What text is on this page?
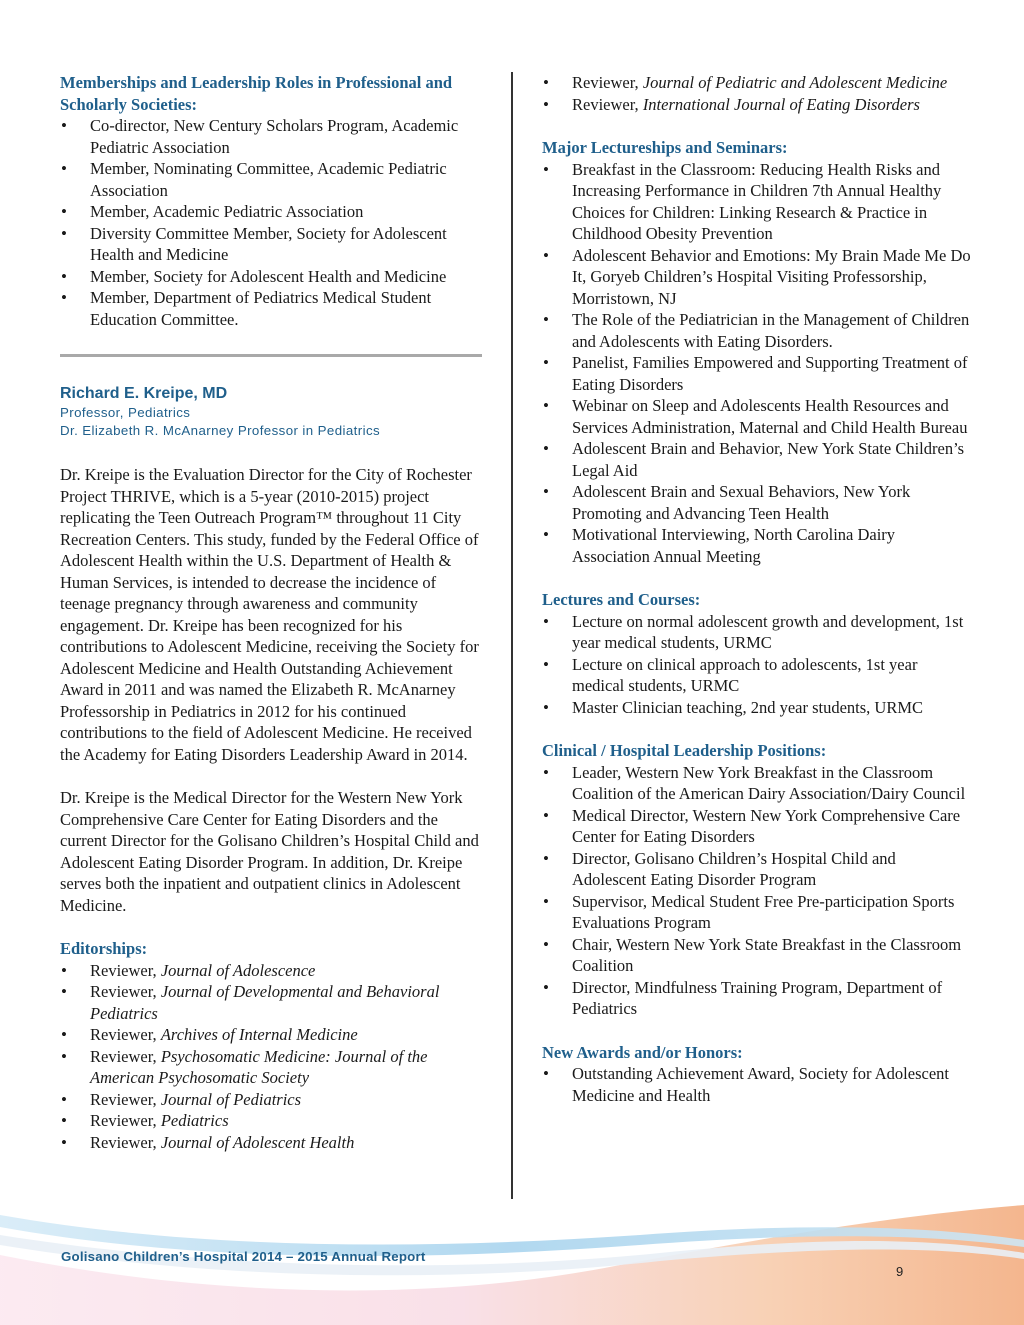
Memberships and Leadership Roles in Professional and Scholarly Societies:
• Co-director, New Century Scholars Program, Academic Pediatric Association
• Member, Nominating Committee, Academic Pediatric Association
• Member, Academic Pediatric Association
• Diversity Committee Member, Society for Adolescent Health and Medicine
• Member, Society for Adolescent Health and Medicine
• Member, Department of Pediatrics Medical Student Education Committee.
Richard E. Kreipe, MD
Professor, Pediatrics
Dr. Elizabeth R. McAnarney Professor in Pediatrics

Dr. Kreipe is the Evaluation Director for the City of Rochester Project THRIVE, which is a 5-year (2010-2015) project replicating the Teen Outreach Program™ throughout 11 City Recreation Centers. This study, funded by the Federal Office of Adolescent Health within the U.S. Department of Health & Human Services, is intended to decrease the incidence of teenage pregnancy through awareness and community engagement. Dr. Kreipe has been recognized for his contributions to Adolescent Medicine, receiving the Society for Adolescent Medicine and Health Outstanding Achievement Award in 2011 and was named the Elizabeth R. McAnarney Professorship in Pediatrics in 2012 for his continued contributions to the field of Adolescent Medicine. He received the Academy for Eating Disorders Leadership Award in 2014.

Dr. Kreipe is the Medical Director for the Western New York Comprehensive Care Center for Eating Disorders and the current Director for the Golisano Children’s Hospital Child and Adolescent Eating Disorder Program. In addition, Dr. Kreipe serves both the inpatient and outpatient clinics in Adolescent Medicine.

Editorships:
• Reviewer, Journal of Adolescence
• Reviewer, Journal of Developmental and Behavioral Pediatrics
• Reviewer, Archives of Internal Medicine
• Reviewer, Psychosomatic Medicine: Journal of the American Psychosomatic Society
• Reviewer, Journal of Pediatrics
• Reviewer, Pediatrics
• Reviewer, Journal of Adolescent Health
• Reviewer, Journal of Pediatric and Adolescent Medicine
• Reviewer, International Journal of Eating Disorders
Major Lectureships and Seminars:
• Breakfast in the Classroom: Reducing Health Risks and Increasing Performance in Children 7th Annual Healthy Choices for Children: Linking Research & Practice in Childhood Obesity Prevention
• Adolescent Behavior and Emotions: My Brain Made Me Do It, Goryeb Children’s Hospital Visiting Professorship, Morristown, NJ
• The Role of the Pediatrician in the Management of Children and Adolescents with Eating Disorders.
• Panelist, Families Empowered and Supporting Treatment of Eating Disorders
• Webinar on Sleep and Adolescents Health Resources and Services Administration, Maternal and Child Health Bureau
• Adolescent Brain and Behavior, New York State Children’s Legal Aid
• Adolescent Brain and Sexual Behaviors, New York Promoting and Advancing Teen Health
• Motivational Interviewing, North Carolina Dairy Association Annual Meeting
Lectures and Courses:
• Lecture on normal adolescent growth and development, 1st year medical students, URMC
• Lecture on clinical approach to adolescents, 1st year medical students, URMC
• Master Clinician teaching, 2nd year students, URMC
Clinical / Hospital Leadership Positions:
• Leader, Western New York Breakfast in the Classroom Coalition of the American Dairy Association/Dairy Council
• Medical Director, Western New York Comprehensive Care Center for Eating Disorders
• Director, Golisano Children’s Hospital Child and Adolescent Eating Disorder Program
• Supervisor, Medical Student Free Pre-participation Sports Evaluations Program
• Chair, Western New York State Breakfast in the Classroom Coalition
• Director, Mindfulness Training Program, Department of Pediatrics
New Awards and/or Honors:
• Outstanding Achievement Award, Society for Adolescent Medicine and Health
Golisano Children’s Hospital 2014 – 2015 Annual Report
9
